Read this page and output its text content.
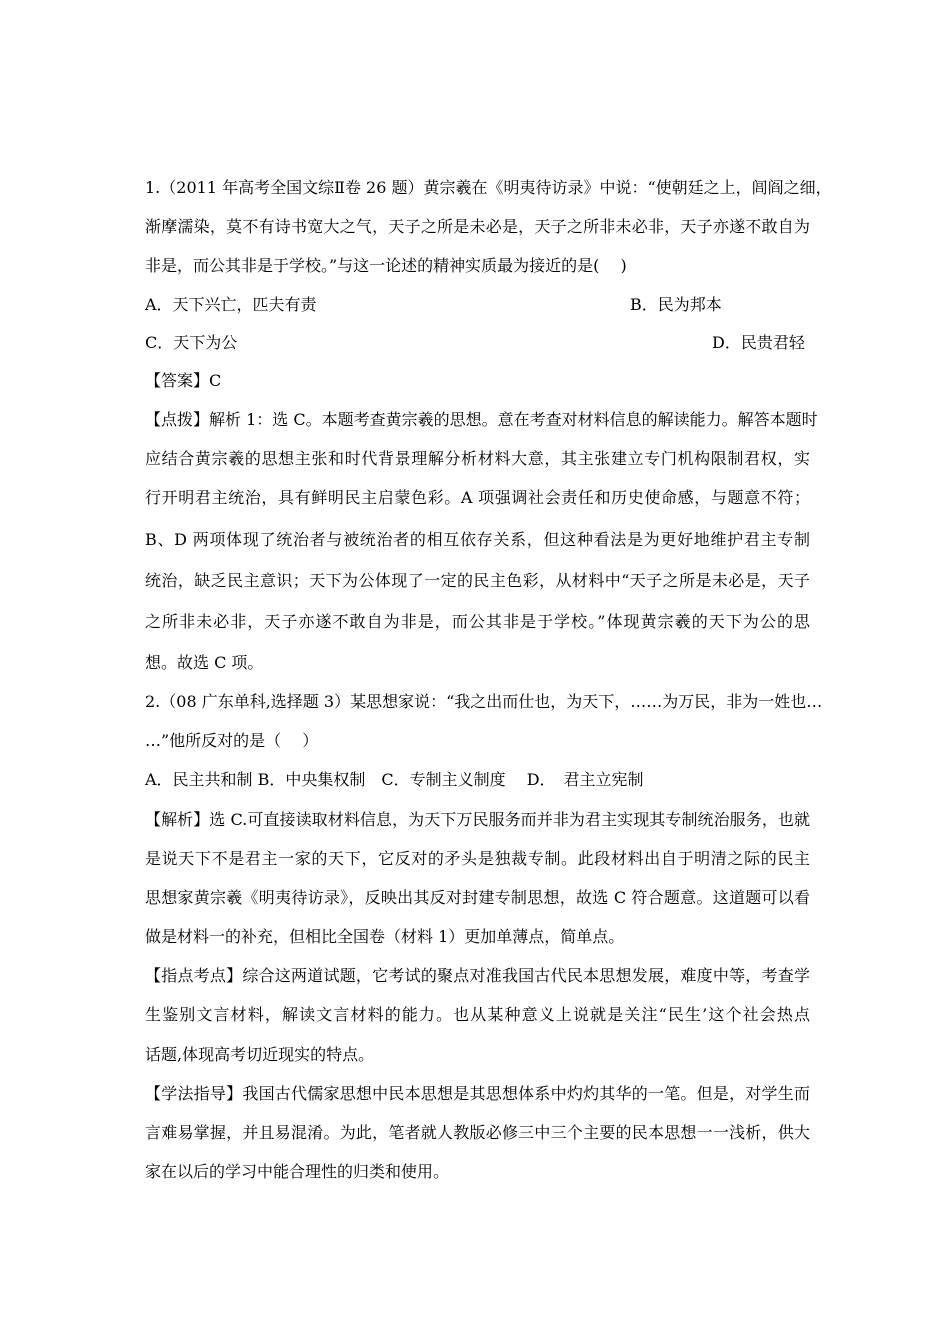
1.（2011 年高考全国文综Ⅱ卷 26 题）黄宗羲在《明夷待访录》中说：“使朝廷之上，闾阎之细，
渐摩濡染，莫不有诗书宽大之气，天子之所是未必是，天子之所非未必非，天子亦遂不敢自为
非是，而公其非是于学校。”与这一论述的精神实质最为接近的是(　 )
A．天下兴亡，匹夫有责	B．民为邦本
C．天下为公	D．民贵君轻
【答案】C
【点拨】解析 1：选 C。本题考查黄宗羲的思想。意在考查对材料信息的解读能力。解答本题时
应结合黄宗羲的思想主张和时代背景理解分析材料大意，其主张建立专门机构限制君权，实
行开明君主统治，具有鲜明民主启蒙色彩。A 项强调社会责任和历史使命感，与题意不符；
B、D 两项体现了统治者与被统治者的相互依存关系，但这种看法是为更好地维护君主专制
统治，缺乏民主意识；天下为公体现了一定的民主色彩，从材料中“天子之所是未必是，天子
之所非未必非，天子亦遂不敢自为非是，而公其非是于学校。”体现黄宗羲的天下为公的思
想。故选 C 项。
2.（08 广东单科,选择题 3）某思想家说：“我之出而仕也，为天下，……为万民，非为一姓也…
…”他所反对的是（　 ）
A．民主共和制 B．中央集权制　C．专制主义制度　 D．　君主立宪制
【解析】选 C.可直接读取材料信息，为天下万民服务而并非为君主实现其专制统治服务，也就
是说天下不是君主一家的天下，它反对的矛头是独裁专制。此段材料出自于明清之际的民主
思想家黄宗羲《明夷待访录》，反映出其反对封建专制思想，故选 C 符合题意。这道题可以看
做是材料一的补充，但相比全国卷（材料 1）更加单薄点，简单点。
【指点考点】综合这两道试题，它考试的聚点对准我国古代民本思想发展，难度中等，考查学
生鉴别文言材料，解读文言材料的能力。也从某种意义上说就是关注“民生’这个社会热点
话题,体现高考切近现实的特点。
【学法指导】我国古代儒家思想中民本思想是其思想体系中灼灼其华的一笔。但是，对学生而
言难易掌握，并且易混淆。为此，笔者就人教版必修三中三个主要的民本思想一一浅析，供大
家在以后的学习中能合理性的归类和使用。
